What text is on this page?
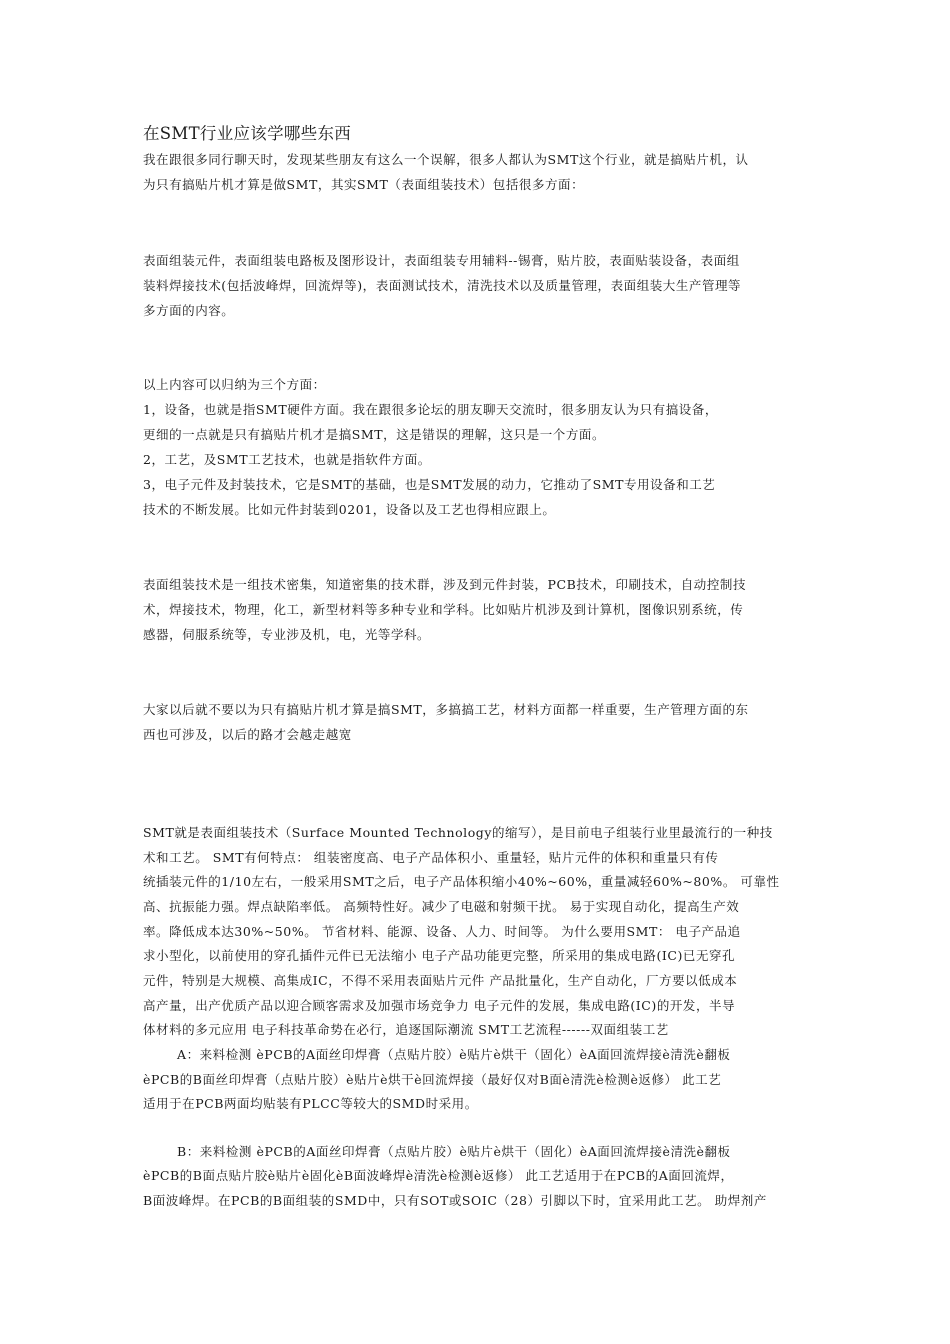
在SMT行业应该学哪些东西
我在跟很多同行聊天时，发现某些朋友有这么一个误解，很多人都认为SMT这个行业，就是搞贴片机，认
为只有搞贴片机才算是做SMT，其实SMT（表面组装技术）包括很多方面：
表面组装元件，表面组装电路板及图形设计，表面组装专用辅料--锡膏，贴片胶，表面贴装设备，表面组
装料焊接技术(包括波峰焊，回流焊等)，表面测试技术，清洗技术以及质量管理，表面组装大生产管理等
多方面的内容。
以上内容可以归纳为三个方面：
1，设备，也就是指SMT硬件方面。我在跟很多论坛的朋友聊天交流时，很多朋友认为只有搞设备，
更细的一点就是只有搞贴片机才是搞SMT，这是错误的理解，这只是一个方面。
2，工艺，及SMT工艺技术，也就是指软件方面。
3，电子元件及封装技术，它是SMT的基础，也是SMT发展的动力，它推动了SMT专用设备和工艺
技术的不断发展。比如元件封装到0201，设备以及工艺也得相应跟上。
表面组装技术是一组技术密集，知道密集的技术群，涉及到元件封装，PCB技术，印刷技术，自动控制技
术，焊接技术，物理，化工，新型材料等多种专业和学科。比如贴片机涉及到计算机，图像识别系统，传
感器，伺服系统等，专业涉及机，电，光等学科。
大家以后就不要以为只有搞贴片机才算是搞SMT，多搞搞工艺，材料方面都一样重要，生产管理方面的东
西也可涉及，以后的路才会越走越宽
SMT就是表面组装技术（Surface Mounted Technology的缩写），是目前电子组装行业里最流行的一种技
术和工艺。 SMT有何特点： 组装密度高、电子产品体积小、重量轻，贴片元件的体积和重量只有传
统插装元件的1/10左右，一般采用SMT之后，电子产品体积缩小40%~60%，重量减轻60%~80%。 可靠性
高、抗振能力强。焊点缺陷率低。 高频特性好。减少了电磁和射频干扰。 易于实现自动化，提高生产效
率。降低成本达30%~50%。 节省材料、能源、设备、人力、时间等。 为什么要用SMT： 电子产品追
求小型化，以前使用的穿孔插件元件已无法缩小 电子产品功能更完整，所采用的集成电路(IC)已无穿孔
元件，特别是大规模、高集成IC，不得不采用表面贴片元件 产品批量化，生产自动化，厂方要以低成本
高产量，出产优质产品以迎合顾客需求及加强市场竞争力 电子元件的发展，集成电路(IC)的开发，半导
体材料的多元应用 电子科技革命势在必行，追逐国际潮流 SMT工艺流程------双面组装工艺
A：来料检测 èPCB的A面丝印焊膏（点贴片胶）è贴片è烘干（固化）èA面回流焊接è清洗è翻板
èPCB的B面丝印焊膏（点贴片胶）è贴片è烘干è回流焊接（最好仅对B面è清洗è检测è返修） 此工艺
适用于在PCB两面均贴装有PLCC等较大的SMD时采用。
B：来料检测 èPCB的A面丝印焊膏（点贴片胶）è贴片è烘干（固化）èA面回流焊接è清洗è翻板
èPCB的B面点贴片胶è贴片è固化èB面波峰焊è清洗è检测è返修） 此工艺适用于在PCB的A面回流焊，
B面波峰焊。在PCB的B面组装的SMD中，只有SOT或SOIC（28）引脚以下时，宜采用此工艺。 助焊剂产
